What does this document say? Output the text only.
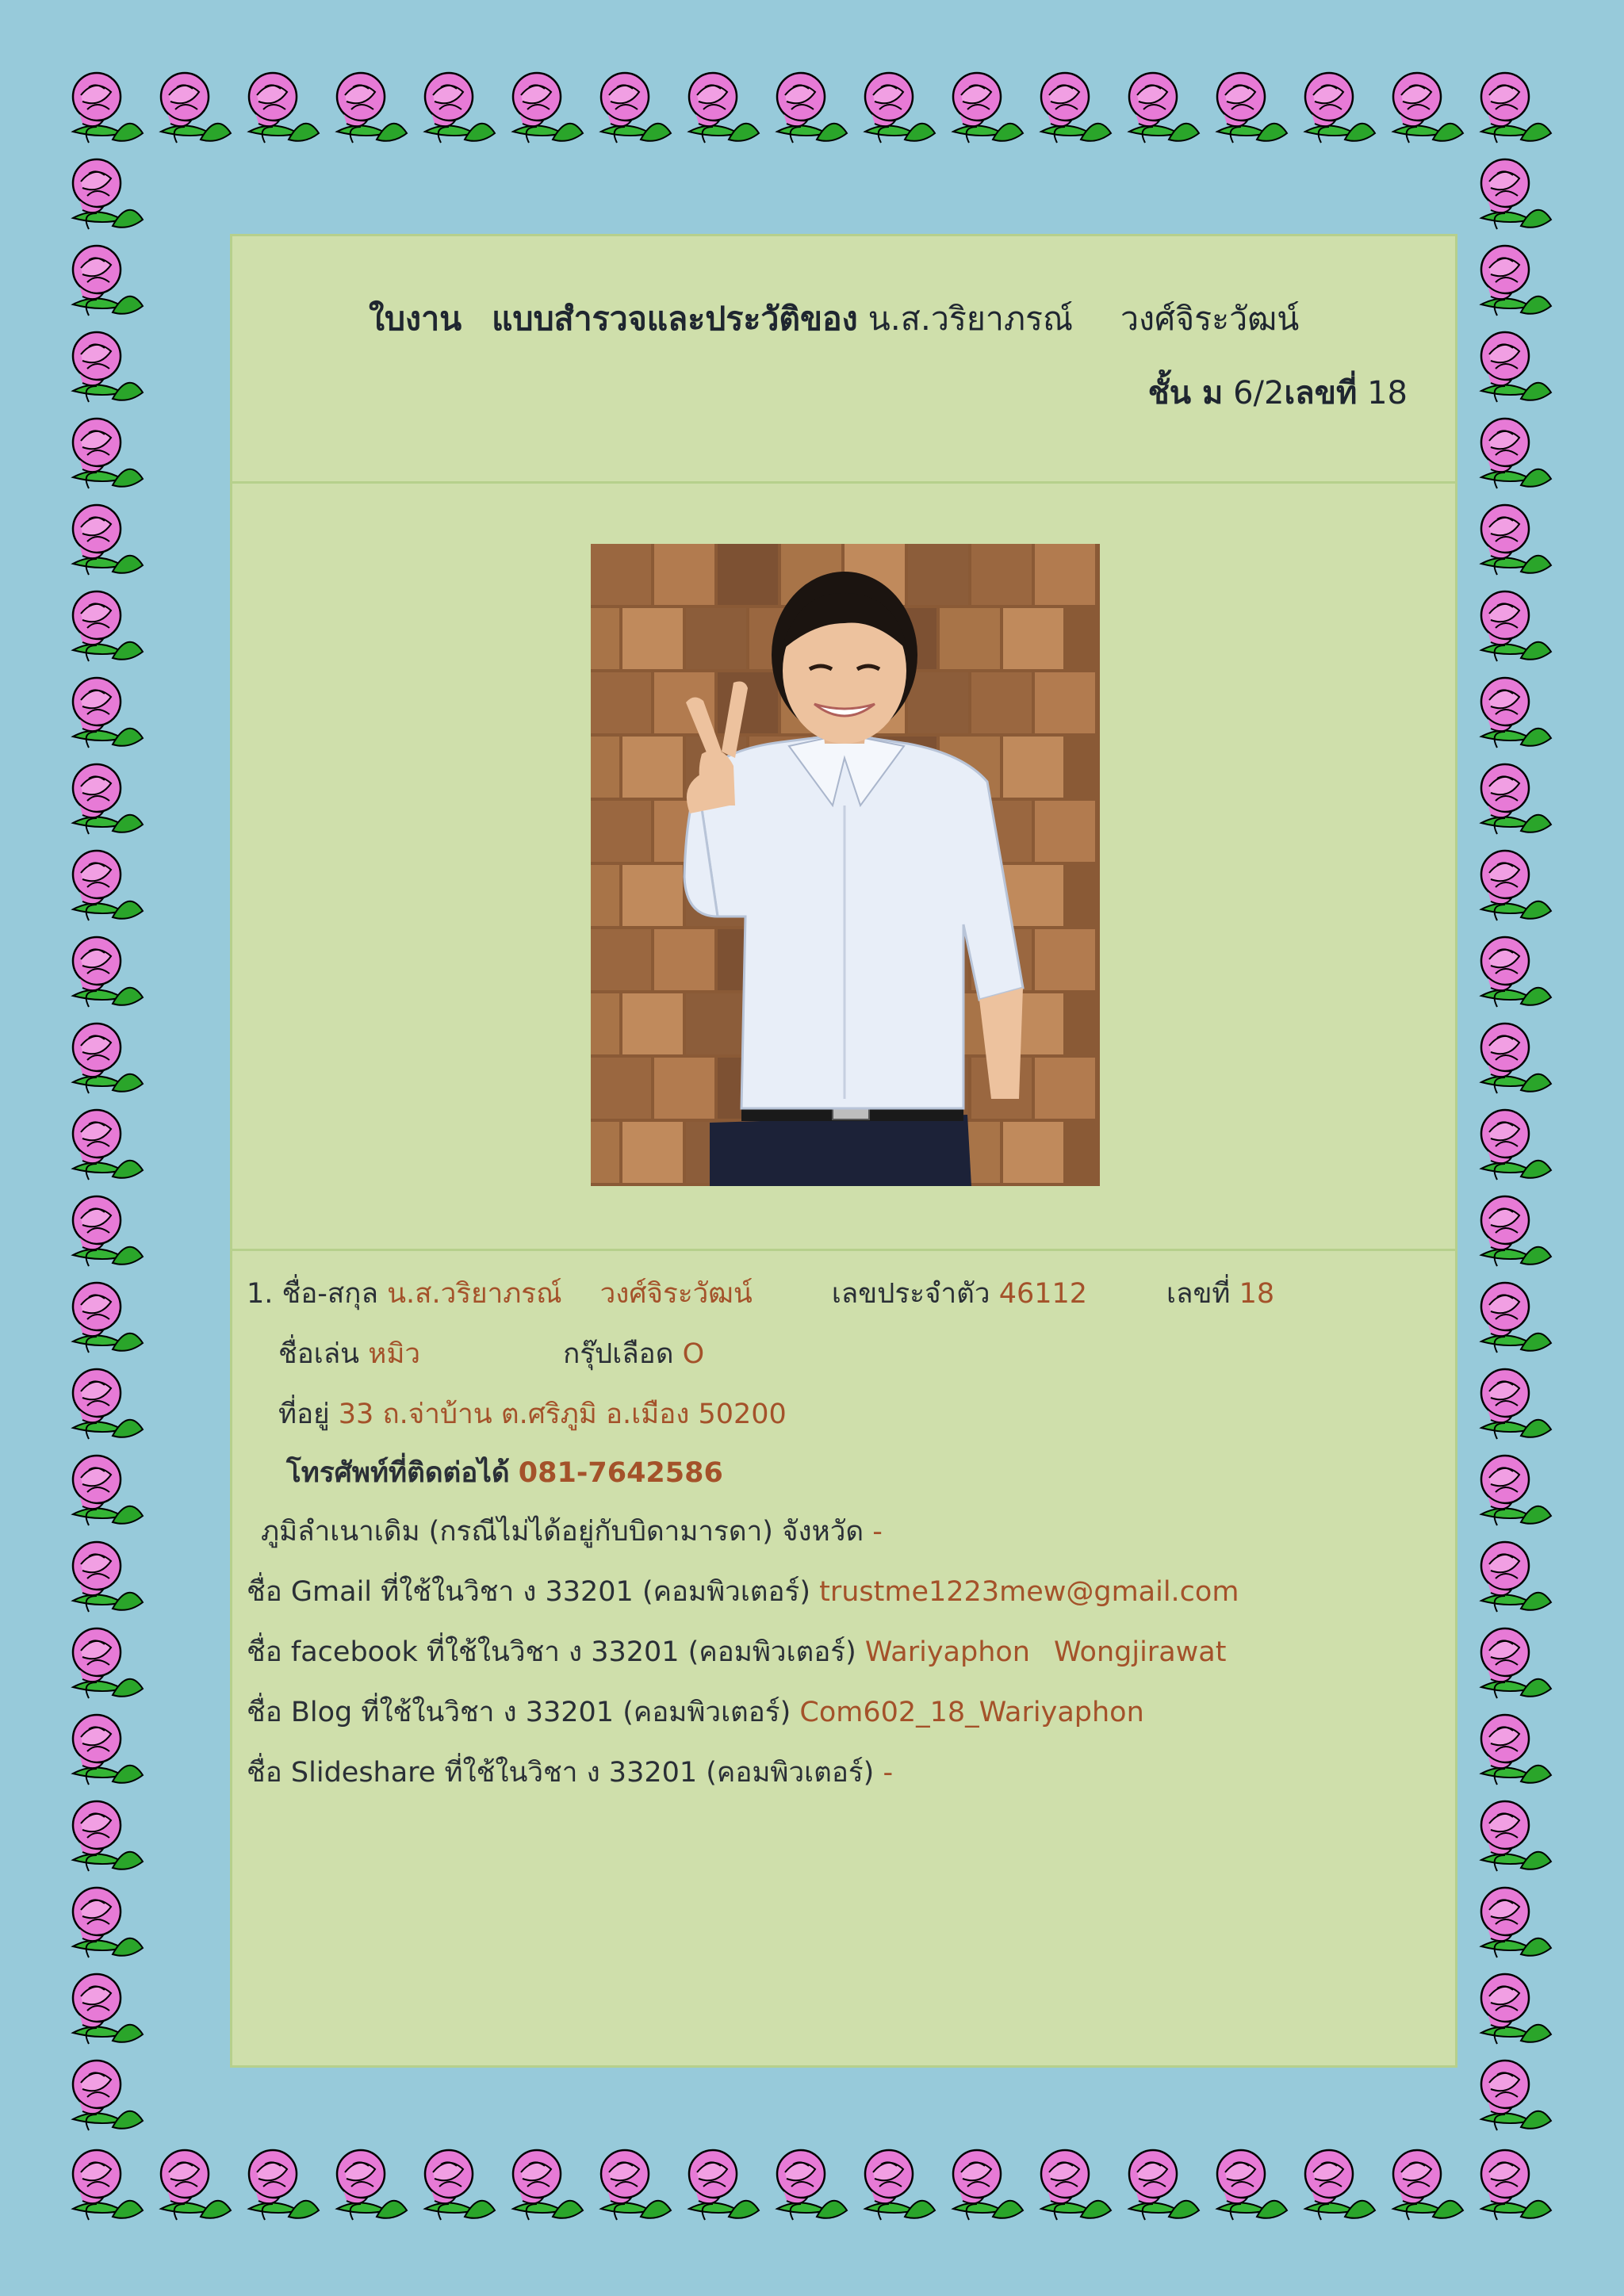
ใบงาน แบบสำรวจและประวัติของ น.ส.วริยาภรณ์ วงศ์จิระวัฒน์
ชั้น ม 6/2เลขที่ 18
1. ชื่อ-สกุล น.ส.วริยาภรณ์ วงศ์จิระวัฒน์	เลขประจำตัว 46112	เลขที่ 18
ชื่อเล่น หมิว	กรุ๊ปเลือด O
ที่อยู่ 33 ถ.จ่าบ้าน ต.ศริภูมิ อ.เมือง 50200
โทรศัพท์ที่ติดต่อได้ 081-7642586
ภูมิลำเนาเดิม (กรณีไม่ได้อยู่กับบิดามารดา) จังหวัด -
ชื่อ Gmail ที่ใช้ในวิชา ง 33201 (คอมพิวเตอร์) trustme1223mew@gmail.com
ชื่อ facebook ที่ใช้ในวิชา ง 33201 (คอมพิวเตอร์) Wariyaphon Wongjirawat
ชื่อ Blog ที่ใช้ในวิชา ง 33201 (คอมพิวเตอร์) Com602_18_Wariyaphon
ชื่อ Slideshare ที่ใช้ในวิชา ง 33201 (คอมพิวเตอร์) -
